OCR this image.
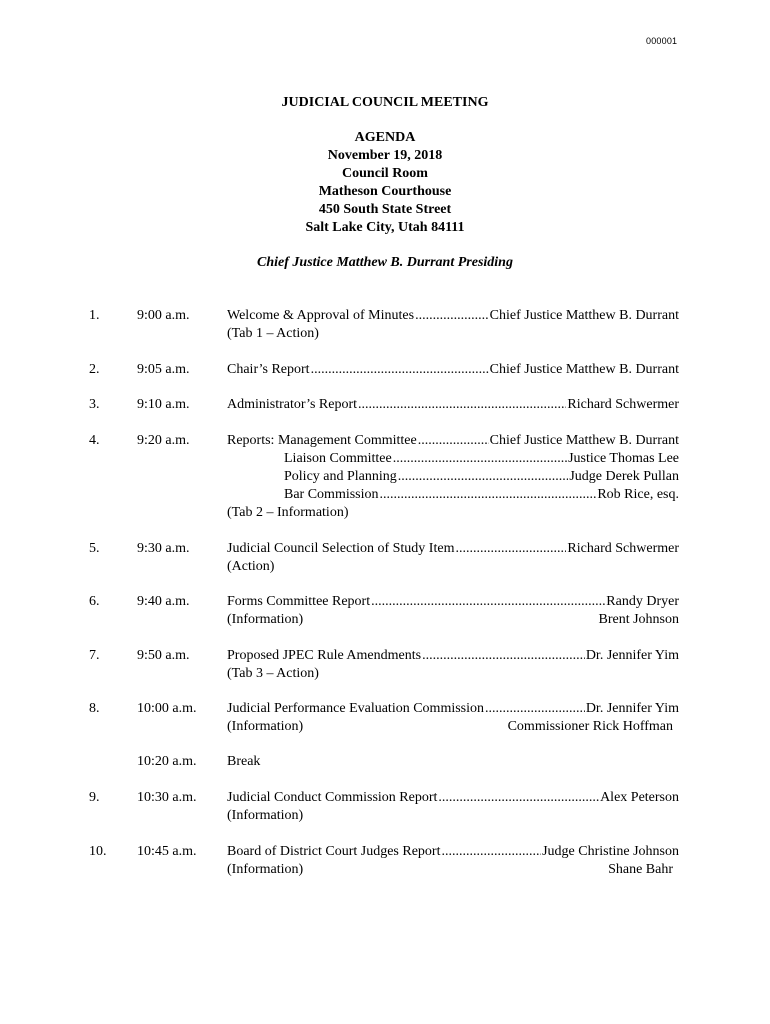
000001
JUDICIAL COUNCIL MEETING
AGENDA
November 19, 2018
Council Room
Matheson Courthouse
450 South State Street
Salt Lake City, Utah 84111
Chief Justice Matthew B. Durrant Presiding
1.	9:00 a.m.	Welcome & Approval of Minutes .....	Chief Justice Matthew B. Durrant
(Tab 1 – Action)
2.	9:05 a.m.	Chair’s Report .....	Chief Justice Matthew B. Durrant
3.	9:10 a.m.	Administrator’s Report .....	Richard Schwermer
4.	9:20 a.m.	Reports: Management Committee .....	Chief Justice Matthew B. Durrant
Liaison Committee .....	Justice Thomas Lee
Policy and Planning .....	Judge Derek Pullan
Bar Commission .....	Rob Rice, esq.
(Tab 2 – Information)
5.	9:30 a.m.	Judicial Council Selection of Study Item .....	Richard Schwermer
(Action)
6.	9:40 a.m.	Forms Committee Report .....	Randy Dryer
(Information)	Brent Johnson
7.	9:50 a.m.	Proposed JPEC Rule Amendments .....	Dr. Jennifer Yim
(Tab 3 – Action)
8.	10:00 a.m. Judicial Performance Evaluation Commission .....	Dr. Jennifer Yim
(Information)	Commissioner Rick Hoffman
10:20 a.m. Break
9.	10:30 a.m. Judicial Conduct Commission Report .....	Alex Peterson
(Information)
10. 10:45 a.m. Board of District Court Judges Report .....	Judge Christine Johnson
(Information)	Shane Bahr
